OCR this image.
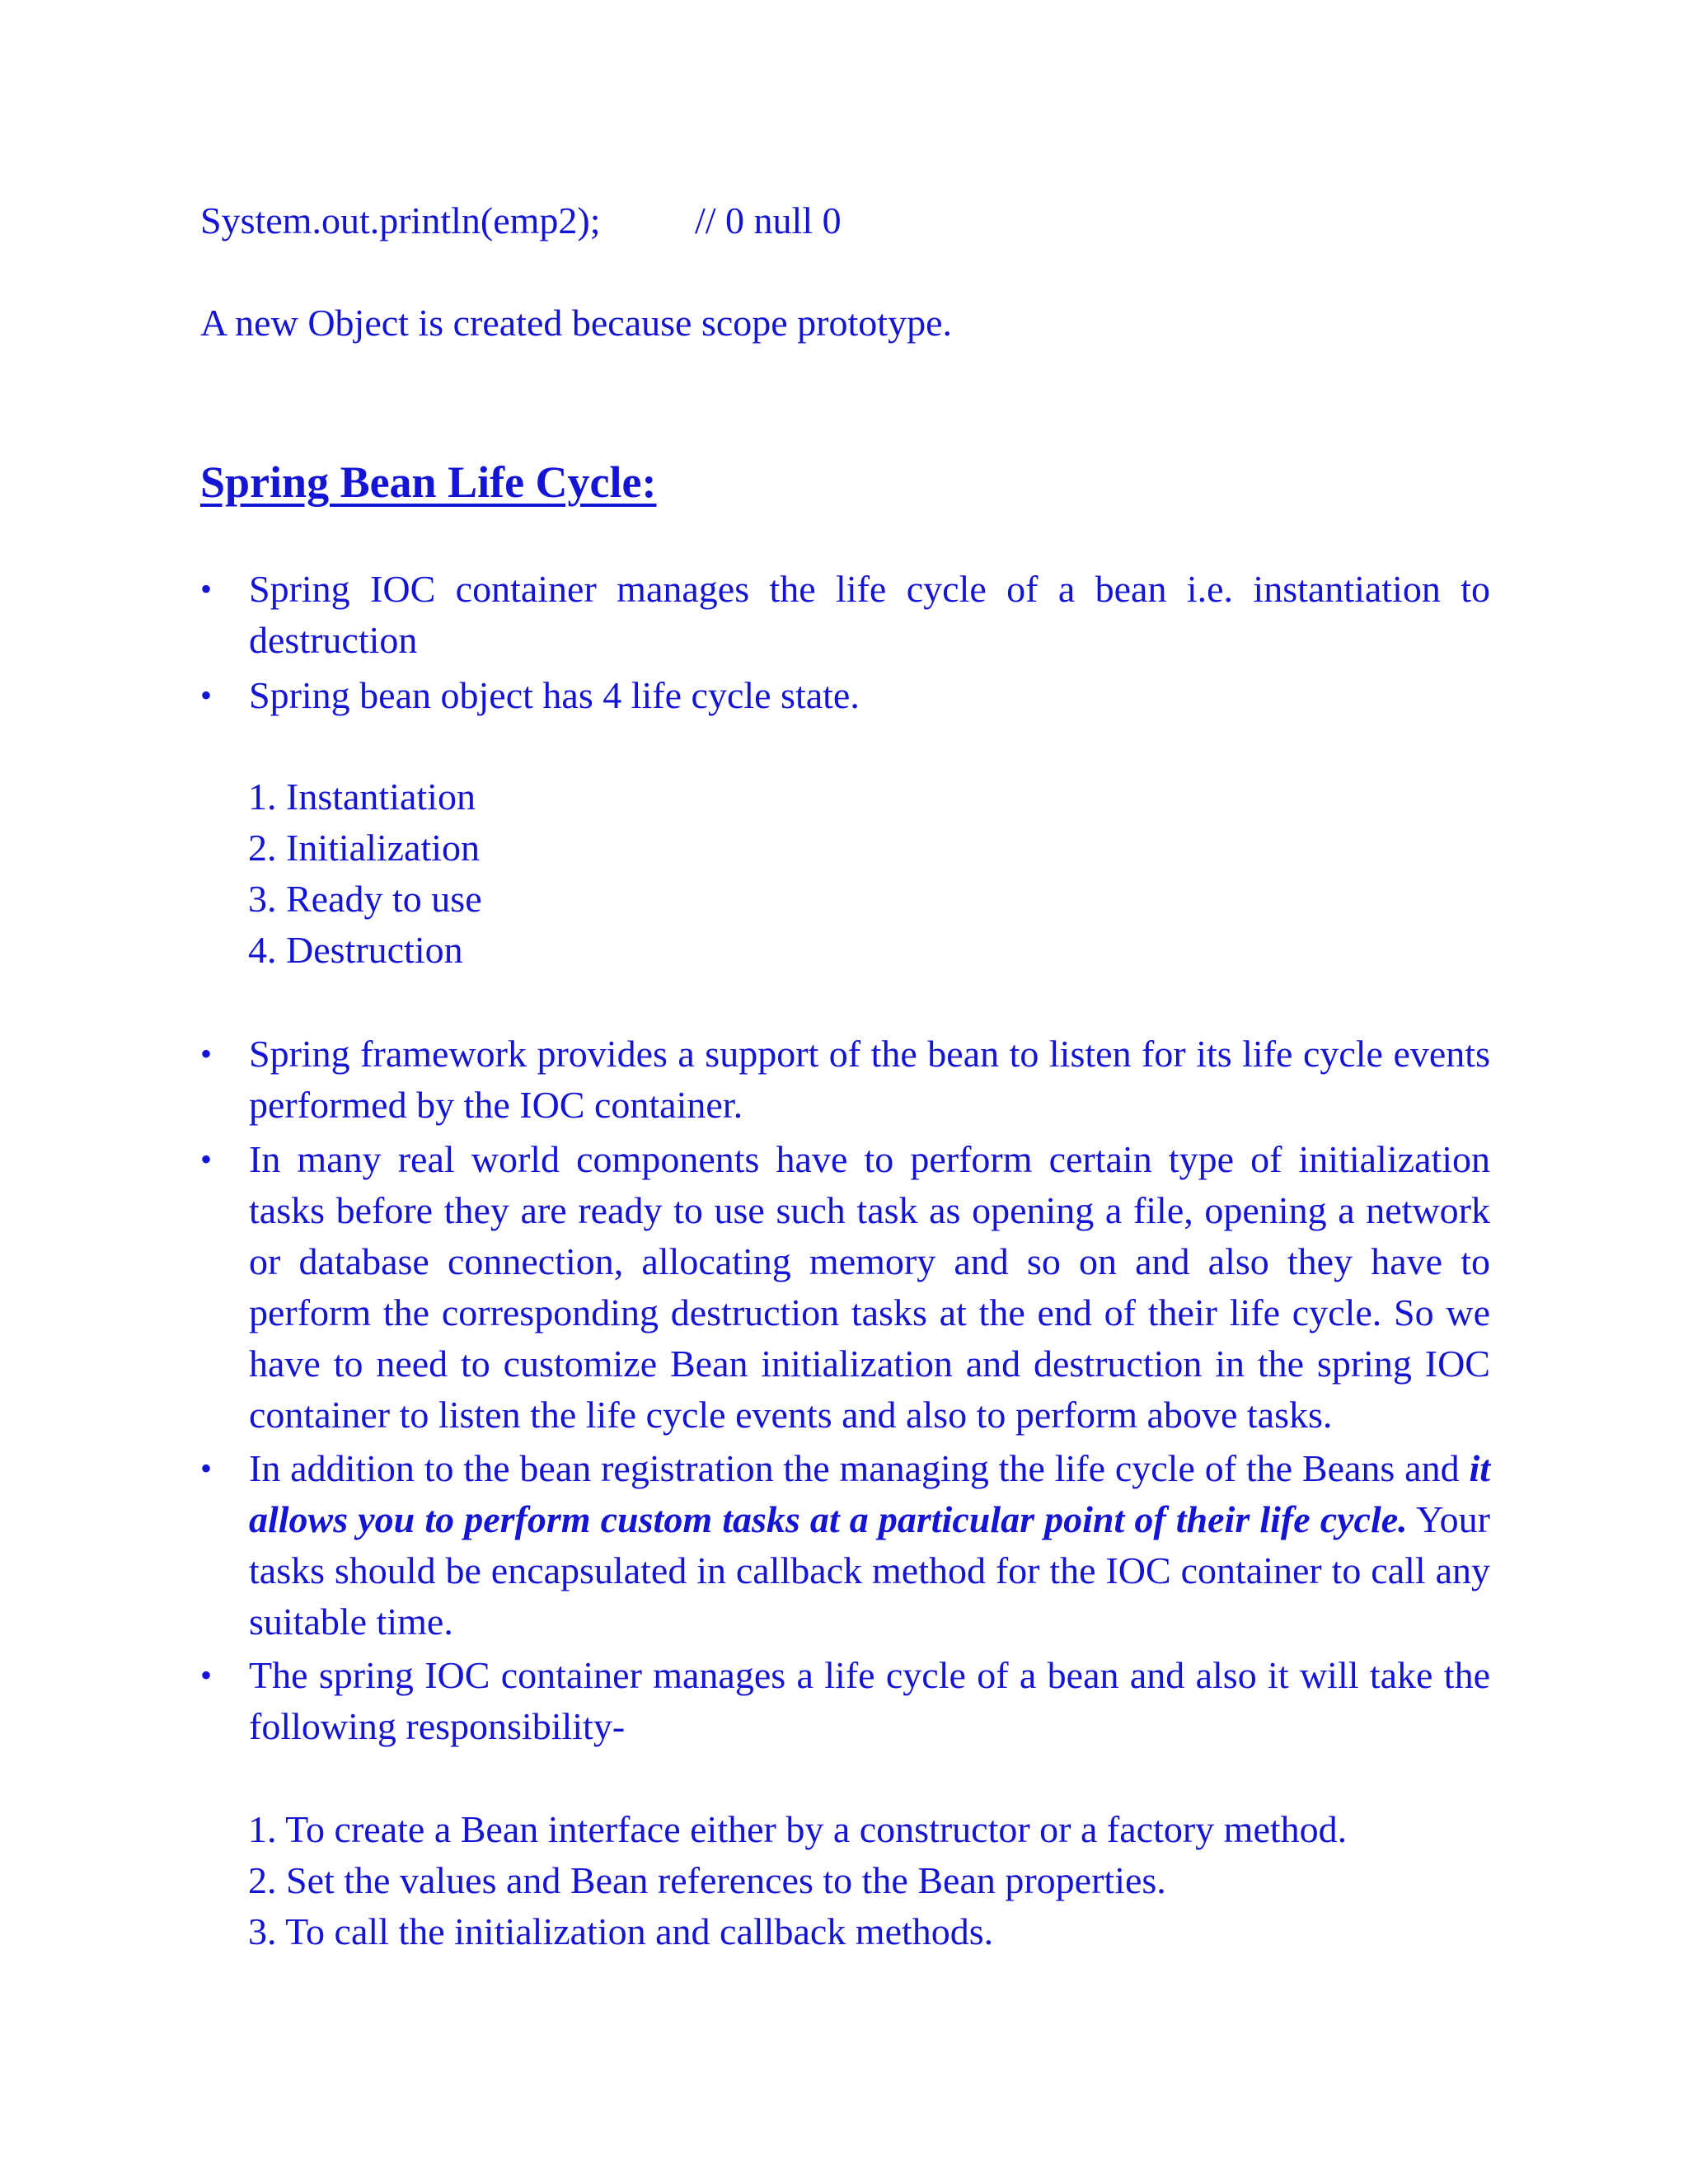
System.out.println(emp2); // 0 null 0
A new Object is created because scope prototype.
Spring Bean Life Cycle:
• Spring IOC container manages the life cycle of a bean i.e. instantiation to destruction
• Spring bean object has 4 life cycle state.
1. Instantiation
2. Initialization
3. Ready to use
4. Destruction
• Spring framework provides a support of the bean to listen for its life cycle events performed by the IOC container.
• In many real world components have to perform certain type of initialization tasks before they are ready to use such task as opening a file, opening a network or database connection, allocating memory and so on and also they have to perform the corresponding destruction tasks at the end of their life cycle. So we have to need to customize Bean initialization and destruction in the spring IOC container to listen the life cycle events and also to perform above tasks.
• In addition to the bean registration the managing the life cycle of the Beans and it allows you to perform custom tasks at a particular point of their life cycle. Your tasks should be encapsulated in callback method for the IOC container to call any suitable time.
• The spring IOC container manages a life cycle of a bean and also it will take the following responsibility-
1. To create a Bean interface either by a constructor or a factory method.
2. Set the values and Bean references to the Bean properties.
3. To call the initialization and callback methods.
